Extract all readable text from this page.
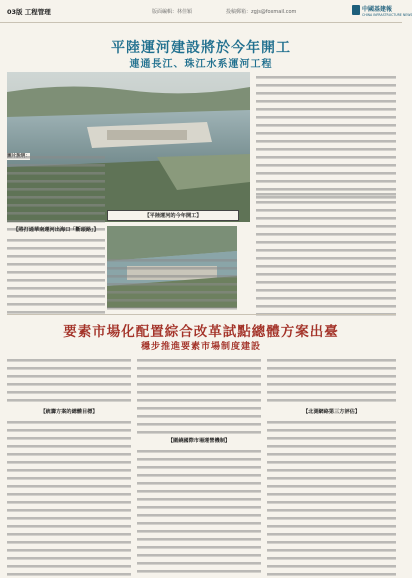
03版 工程管理	版面編輯：林佳穎	投稿郵箱：zgjs@foxmail.com	中國基建報
CHINA INFRASTRUCTURE NEWS
平陸運河建設將於今年開工
連通長江、珠江水系運河工程
【將打通華南運河出海口「斷頭路」】
【平陸運河的今年開工】
要素市場化配置綜合改革試點總體方案出臺
穩步推進要素市場制度建設
【統籌方案的總體目標】
【圍繞國際市場運營機制】
【北測網絡第三方評估】
